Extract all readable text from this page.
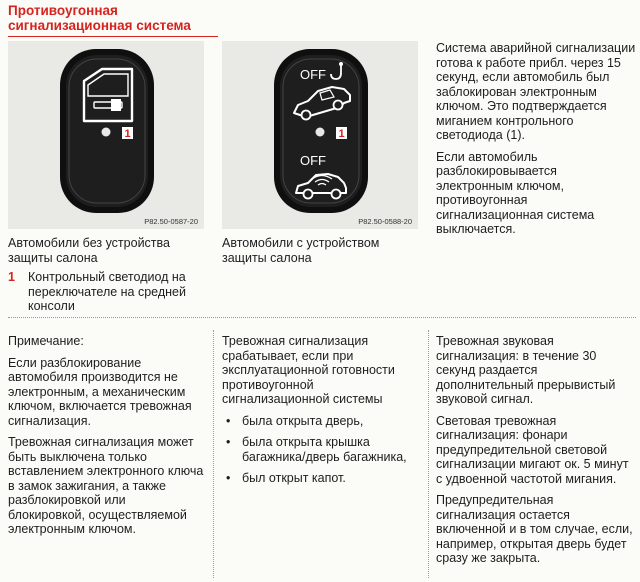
Противоугонная
сигнализационная система
1
P82.50-0587-20
OFF
1
OFF
P82.50-0588-20

Система аварийной сигнализации готова к работе прибл. через 15 секунд, если автомобиль был заблокирован электронным ключом. Это подтверждается миганием контрольного светодиода (1).

Если автомобиль разблокировывается электронным ключом, противоугонная сигнализационная система выключается.

Автомобили без устройства защиты салона
Автомобили с устройством защиты салона
1 Контрольный светодиод на переключателе на средней консоли

Примечание:

Если разблокирование автомобиля производится не электронным, а механическим ключом, включается тревожная сигнализация.

Тревожная сигнализация может быть выключена только вставлением электронного ключа в замок зажигания, а также разблокировкой или блокировкой, осуществляемой электронным ключом.

Тревожная сигнализация срабатывает, если при эксплуатационной готовности противоугонной сигнализационной системы

• была открыта дверь,
• была открыта крышка багажника/дверь багажника,
• был открыт капот.

Тревожная звуковая сигнализация: в течение 30 секунд раздается дополнительный прерывистый звуковой сигнал.

Световая тревожная сигнализация: фонари предупредительной световой сигнализации мигают ок. 5 минут с удвоенной частотой мигания.

Предупредительная сигнализация остается включенной и в том случае, если, например, открытая дверь будет сразу же закрыта.
